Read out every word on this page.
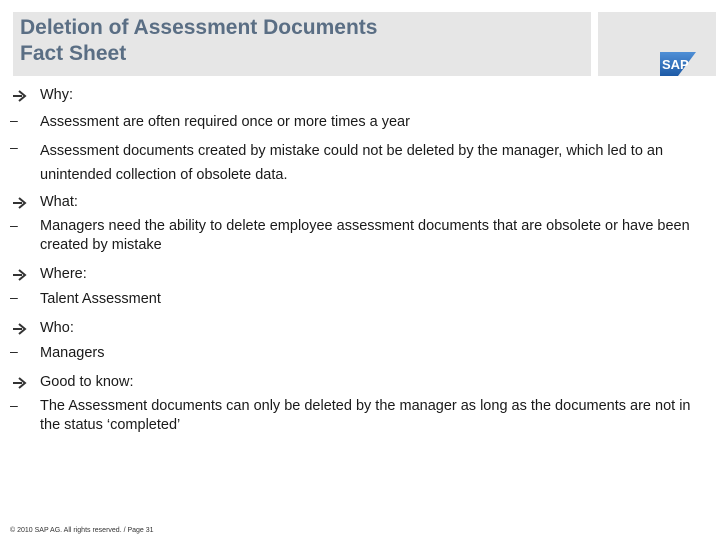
Deletion of Assessment Documents
Fact Sheet	SAP
Why:
–	Assessment are often required once or more times a year
–	Assessment documents created by mistake could not be deleted by the manager, which led to an unintended collection of obsolete data.
What:
–	Managers need the ability to delete employee assessment documents that are obsolete or have been created by mistake
Where:
–	Talent Assessment
Who:
–	Managers
Good to know:
–	The Assessment documents can only be deleted by the manager as long as the documents are not in the status ‘completed’
© 2010 SAP AG. All rights reserved. / Page 31
